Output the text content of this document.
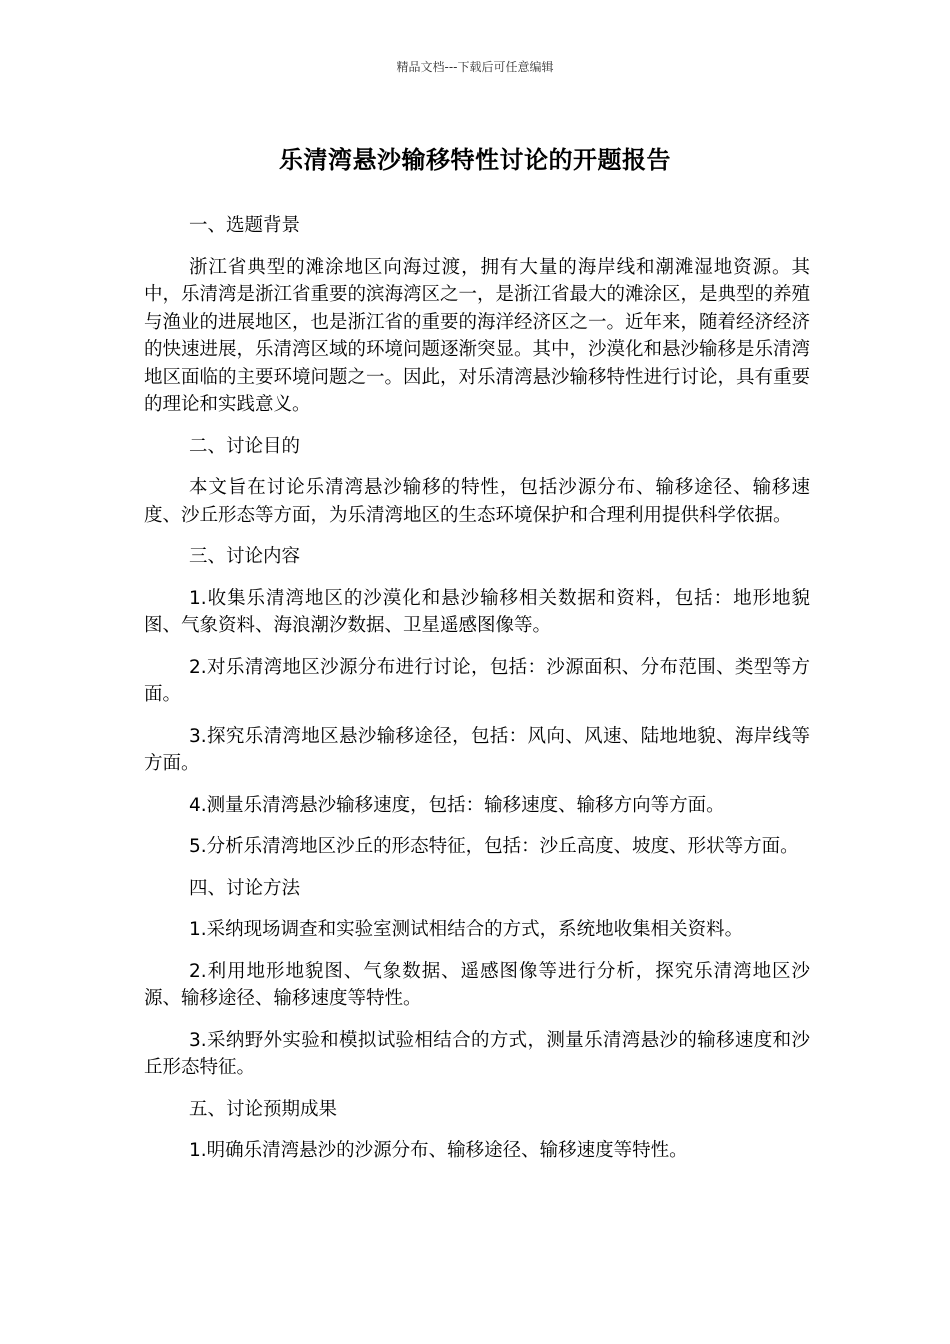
精品文档---下载后可任意编辑
乐清湾悬沙输移特性讨论的开题报告

一、选题背景

浙江省典型的滩涂地区向海过渡，拥有大量的海岸线和潮滩湿地资源。其中，乐清湾是浙江省重要的滨海湾区之一，是浙江省最大的滩涂区，是典型的养殖与渔业的进展地区，也是浙江省的重要的海洋经济区之一。近年来，随着经济经济的快速进展，乐清湾区域的环境问题逐渐突显。其中，沙漠化和悬沙输移是乐清湾地区面临的主要环境问题之一。因此，对乐清湾悬沙输移特性进行讨论，具有重要的理论和实践意义。

二、讨论目的

本文旨在讨论乐清湾悬沙输移的特性，包括沙源分布、输移途径、输移速度、沙丘形态等方面，为乐清湾地区的生态环境保护和合理利用提供科学依据。

三、讨论内容

1.收集乐清湾地区的沙漠化和悬沙输移相关数据和资料，包括：地形地貌图、气象资料、海浪潮汐数据、卫星遥感图像等。

2.对乐清湾地区沙源分布进行讨论，包括：沙源面积、分布范围、类型等方面。

3.探究乐清湾地区悬沙输移途径，包括：风向、风速、陆地地貌、海岸线等方面。

4.测量乐清湾悬沙输移速度，包括：输移速度、输移方向等方面。

5.分析乐清湾地区沙丘的形态特征，包括：沙丘高度、坡度、形状等方面。

四、讨论方法

1.采纳现场调查和实验室测试相结合的方式，系统地收集相关资料。

2.利用地形地貌图、气象数据、遥感图像等进行分析，探究乐清湾地区沙源、输移途径、输移速度等特性。

3.采纳野外实验和模拟试验相结合的方式，测量乐清湾悬沙的输移速度和沙丘形态特征。

五、讨论预期成果

1.明确乐清湾悬沙的沙源分布、输移途径、输移速度等特性。
